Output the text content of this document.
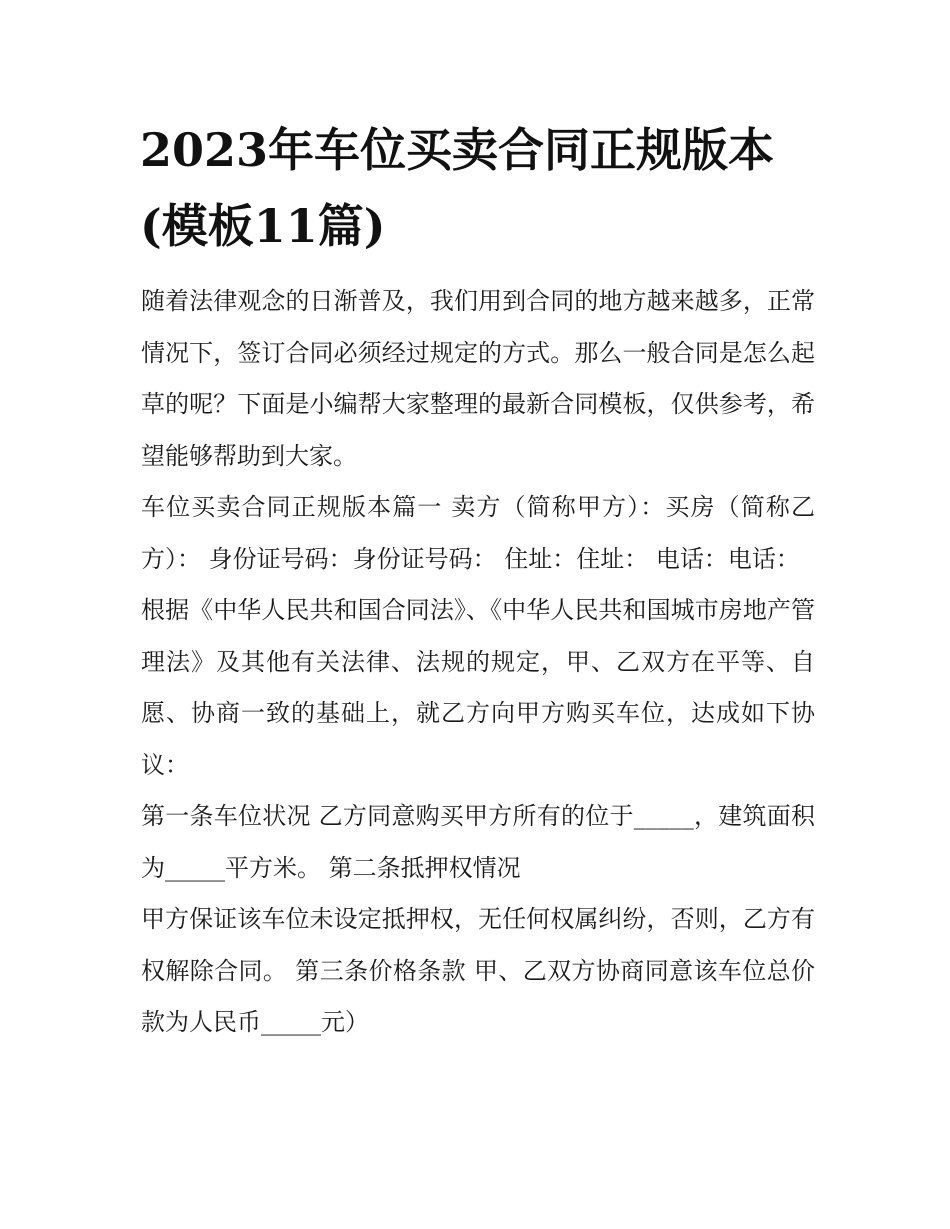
2023年车位买卖合同正规版本(模板11篇)

随着法律观念的日渐普及，我们用到合同的地方越来越多，正常情况下，签订合同必须经过规定的方式。那么一般合同是怎么起草的呢？下面是小编帮大家整理的最新合同模板，仅供参考，希望能够帮助到大家。

车位买卖合同正规版本篇一 卖方（简称甲方）：买房（简称乙方）： 身份证号码：身份证号码： 住址：住址： 电话：电话：

根据《中华人民共和国合同法》、《中华人民共和国城市房地产管理法》及其他有关法律、法规的规定，甲、乙双方在平等、自愿、协商一致的基础上，就乙方向甲方购买车位，达成如下协议：

第一条车位状况 乙方同意购买甲方所有的位于_____，建筑面积为_____平方米。 第二条抵押权情况

甲方保证该车位未设定抵押权，无任何权属纠纷，否则，乙方有权解除合同。 第三条价格条款 甲、乙双方协商同意该车位总价款为人民币_____元）
